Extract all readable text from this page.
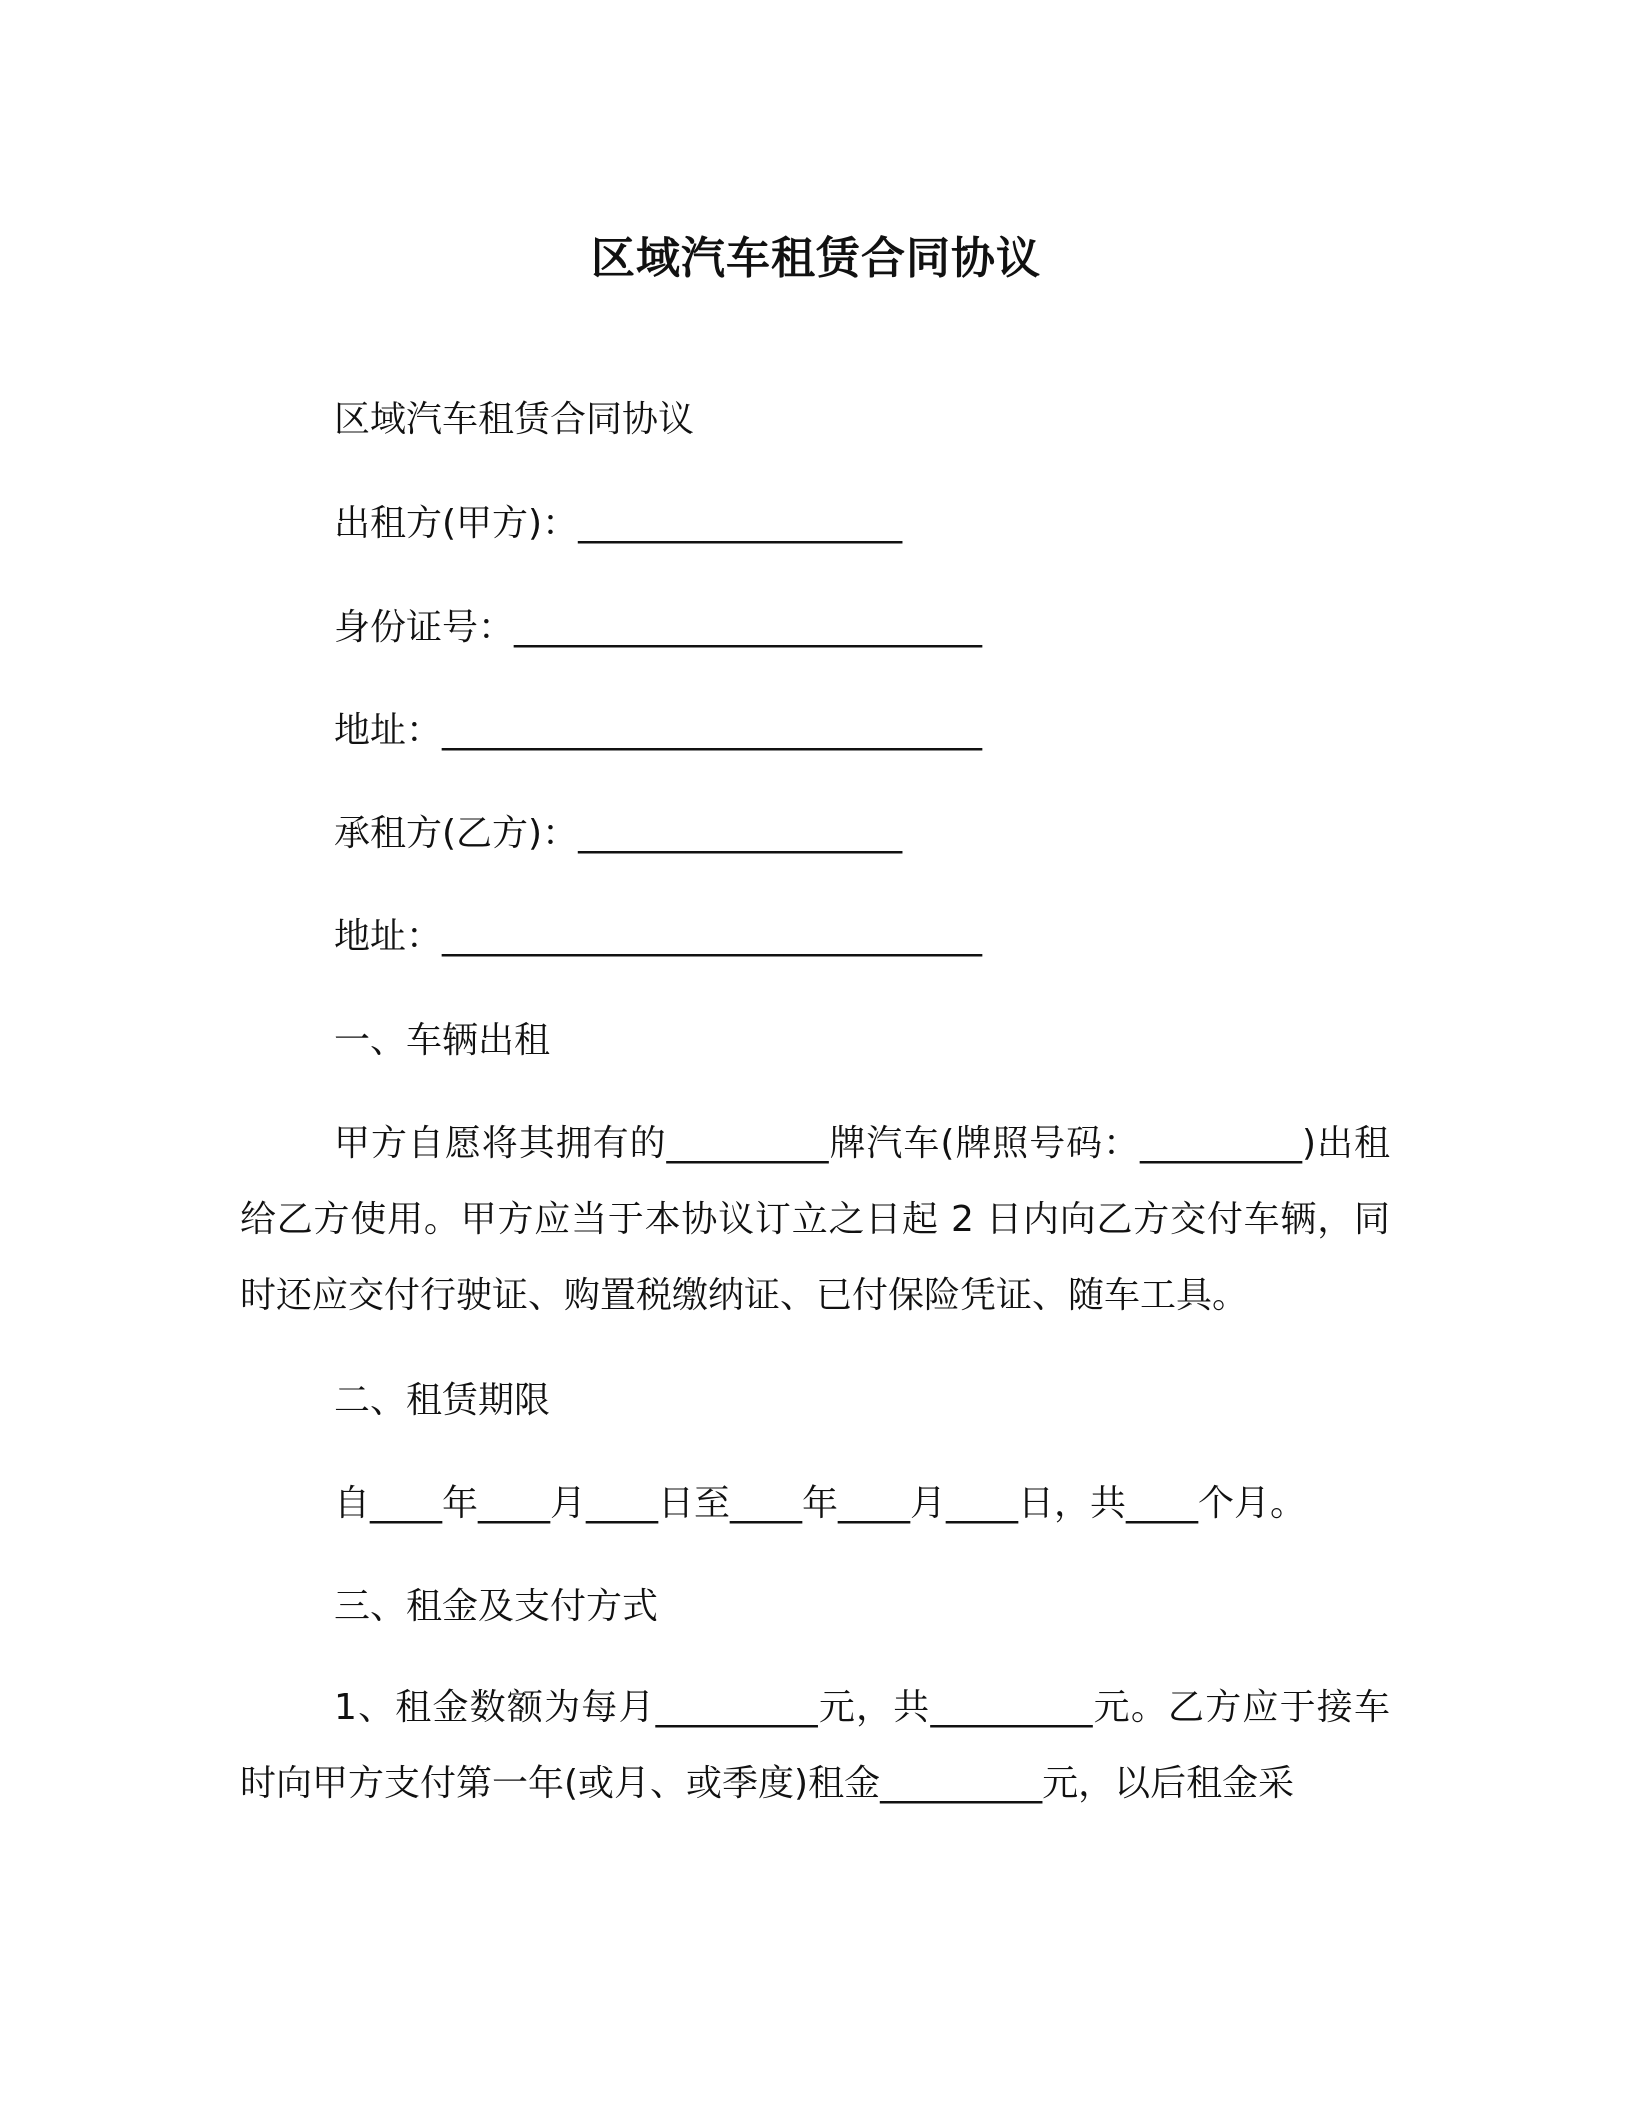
区域汽车租赁合同协议
区域汽车租赁合同协议
出租方(甲方)：__________________
身份证号：__________________________
地址：______________________________
承租方(乙方)：__________________
地址：______________________________
一、车辆出租
甲方自愿将其拥有的_________牌汽车(牌照号码：_________)出租给乙方使用。甲方应当于本协议订立之日起 2 日内向乙方交付车辆，同时还应交付行驶证、购置税缴纳证、已付保险凭证、随车工具。
二、租赁期限
自____年____月____日至____年____月____日，共____个月。
三、租金及支付方式
1、租金数额为每月_________元，共_________元。乙方应于接车时向甲方支付第一年(或月、或季度)租金_________元，以后租金采
